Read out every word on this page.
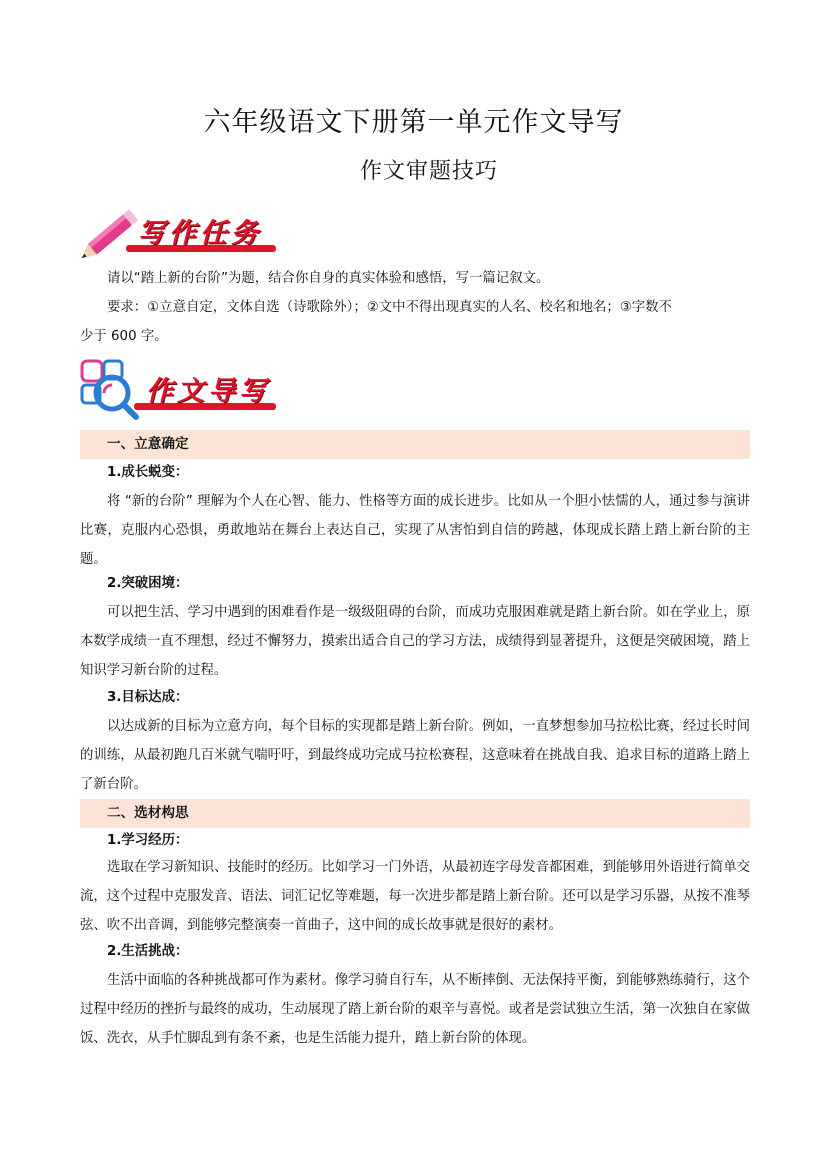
六年级语文下册第一单元作文导写
作文审题技巧
写作任务

请以“踏上新的台阶”为题，结合你自身的真实体验和感悟，写一篇记叙文。

要求：①立意自定，文体自选（诗歌除外）；②文中不得出现真实的人名、校名和地名；③字数不

少于 600 字。

作文导写
一、立意确定

1.成长蜕变：

将 “新的台阶” 理解为个人在心智、能力、性格等方面的成长进步。比如从一个胆小怯懦的人，通过参与演讲比赛，克服内心恐惧，勇敢地站在舞台上表达自己，实现了从害怕到自信的跨越，体现成长踏上踏上新台阶的主题。

2.突破困境：

可以把生活、学习中遇到的困难看作是一级级阻碍的台阶，而成功克服困难就是踏上新台阶。如在学业上，原本数学成绩一直不理想，经过不懈努力，摸索出适合自己的学习方法，成绩得到显著提升，这便是突破困境，踏上知识学习新台阶的过程。

3.目标达成：

以达成新的目标为立意方向，每个目标的实现都是踏上新台阶。例如，一直梦想参加马拉松比赛，经过长时间的训练，从最初跑几百米就气喘吁吁，到最终成功完成马拉松赛程，这意味着在挑战自我、追求目标的道路上踏上了新台阶。

二、选材构思

1.学习经历：

选取在学习新知识、技能时的经历。比如学习一门外语，从最初连字母发音都困难，到能够用外语进行简单交流，这个过程中克服发音、语法、词汇记忆等难题，每一次进步都是踏上新台阶。还可以是学习乐器，从按不准琴弦、吹不出音调，到能够完整演奏一首曲子，这中间的成长故事就是很好的素材。

2.生活挑战：

生活中面临的各种挑战都可作为素材。像学习骑自行车，从不断摔倒、无法保持平衡，到能够熟练骑行，这个过程中经历的挫折与最终的成功，生动展现了踏上新台阶的艰辛与喜悦。或者是尝试独立生活，第一次独自在家做饭、洗衣，从手忙脚乱到有条不紊，也是生活能力提升，踏上新台阶的体现。
